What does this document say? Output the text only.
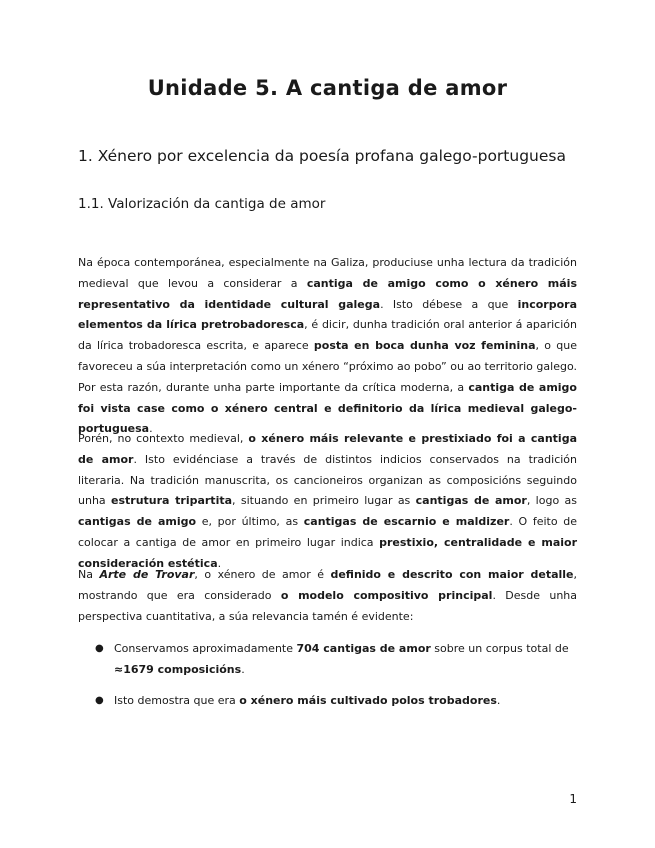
Unidade 5. A cantiga de amor
1. Xénero por excelencia da poesía profana galego-portuguesa
1.1. Valorización da cantiga de amor

Na época contemporánea, especialmente na Galiza, produciuse unha lectura da tradición medieval que levou a considerar a cantiga de amigo como o xénero máis representativo da identidade cultural galega. Isto débese a que incorpora elementos da lírica pretrobadoresca, é dicir, dunha tradición oral anterior á aparición da lírica trobadoresca escrita, e aparece posta en boca dunha voz feminina, o que favoreceu a súa interpretación como un xénero “próximo ao pobo” ou ao territorio galego. Por esta razón, durante unha parte importante da crítica moderna, a cantiga de amigo foi vista case como o xénero central e definitorio da lírica medieval galego-portuguesa.

Porén, no contexto medieval, o xénero máis relevante e prestixiado foi a cantiga de amor. Isto evidénciase a través de distintos indicios conservados na tradición literaria. Na tradición manuscrita, os cancioneiros organizan as composicións seguindo unha estrutura tripartita, situando en primeiro lugar as cantigas de amor, logo as cantigas de amigo e, por último, as cantigas de escarnio e maldizer. O feito de colocar a cantiga de amor en primeiro lugar indica prestixio, centralidade e maior consideración estética.

Na Arte de Trovar, o xénero de amor é definido e descrito con maior detalle, mostrando que era considerado o modelo compositivo principal. Desde unha perspectiva cuantitativa, a súa relevancia tamén é evidente:

● Conservamos aproximadamente 704 cantigas de amor sobre un corpus total de ≈1679 composicións.
● Isto demostra que era o xénero máis cultivado polos trobadores.
1
